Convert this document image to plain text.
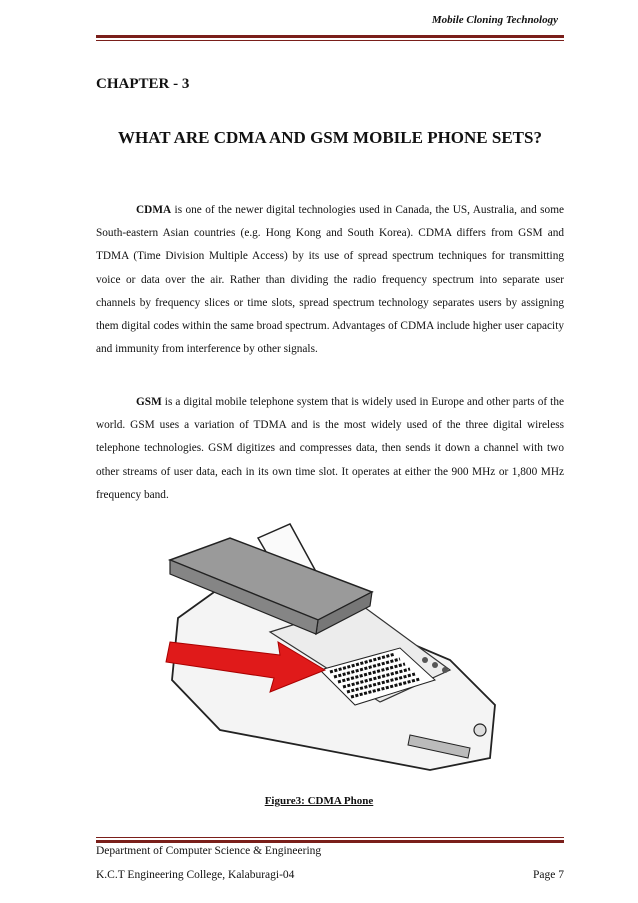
Mobile Cloning Technology
CHAPTER - 3
WHAT ARE CDMA AND GSM MOBILE PHONE SETS?
CDMA is one of the newer digital technologies used in Canada, the US, Australia, and some South-eastern Asian countries (e.g. Hong Kong and South Korea). CDMA differs from GSM and TDMA (Time Division Multiple Access) by its use of spread spectrum techniques for transmitting voice or data over the air. Rather than dividing the radio frequency spectrum into separate user channels by frequency slices or time slots, spread spectrum technology separates users by assigning them digital codes within the same broad spectrum. Advantages of CDMA include higher user capacity and immunity from interference by other signals.
GSM is a digital mobile telephone system that is widely used in Europe and other parts of the world. GSM uses a variation of TDMA and is the most widely used of the three digital wireless telephone technologies. GSM digitizes and compresses data, then sends it down a channel with two other streams of user data, each in its own time slot. It operates at either the 900 MHz or 1,800 MHz frequency band.
Figure3: CDMA Phone
Department of Computer Science & Engineering
K.C.T Engineering College, Kalaburagi-04	Page 7
